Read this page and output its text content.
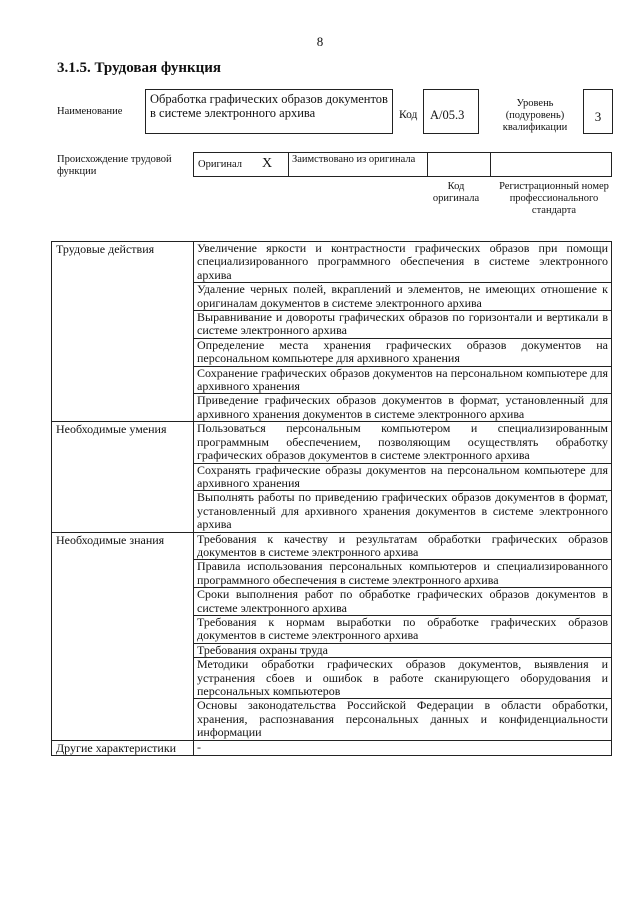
8
3.1.5. Трудовая функция
Наименование
Обработка графических образов документов в системе электронного архива	Код	А/05.3
Уровень (подуровень) квалификации
3
Происхождение трудовой функции
Оригинал X Заимствовано из оригинала
Код оригинала
Регистрационный номер профессионального стандарта
Трудовые действия	Увеличение яркости и контрастности графических образов при помощи специализированного программного обеспечения в системе электронного архива
	Удаление черных полей, вкраплений и элементов, не имеющих отношение к оригиналам документов в системе электронного архива
	Выравнивание и довороты графических образов по горизонтали и вертикали в системе электронного архива
	Определение места хранения графических образов документов на персональном компьютере для архивного хранения
	Сохранение графических образов документов на персональном компьютере для архивного хранения
	Приведение графических образов документов в формат, установленный для архивного хранения документов в системе электронного архива
Необходимые умения	Пользоваться персональным компьютером и специализированным программным обеспечением, позволяющим осуществлять обработку графических образов документов в системе электронного архива
	Сохранять графические образы документов на персональном компьютере для архивного хранения
	Выполнять работы по приведению графических образов документов в формат, установленный для архивного хранения документов в системе электронного архива
Необходимые знания	Требования к качеству и результатам обработки графических образов документов в системе электронного архива
	Правила использования персональных компьютеров и специализированного программного обеспечения в системе электронного архива
	Сроки выполнения работ по обработке графических образов документов в системе электронного архива
	Требования к нормам выработки по обработке графических образов документов в системе электронного архива
	Требования охраны труда
	Методики обработки графических образов документов, выявления и устранения сбоев и ошибок в работе сканирующего оборудования и персональных компьютеров
	Основы законодательства Российской Федерации в области обработки, хранения, распознавания персональных данных и конфиденциальности информации
Другие характеристики	-
